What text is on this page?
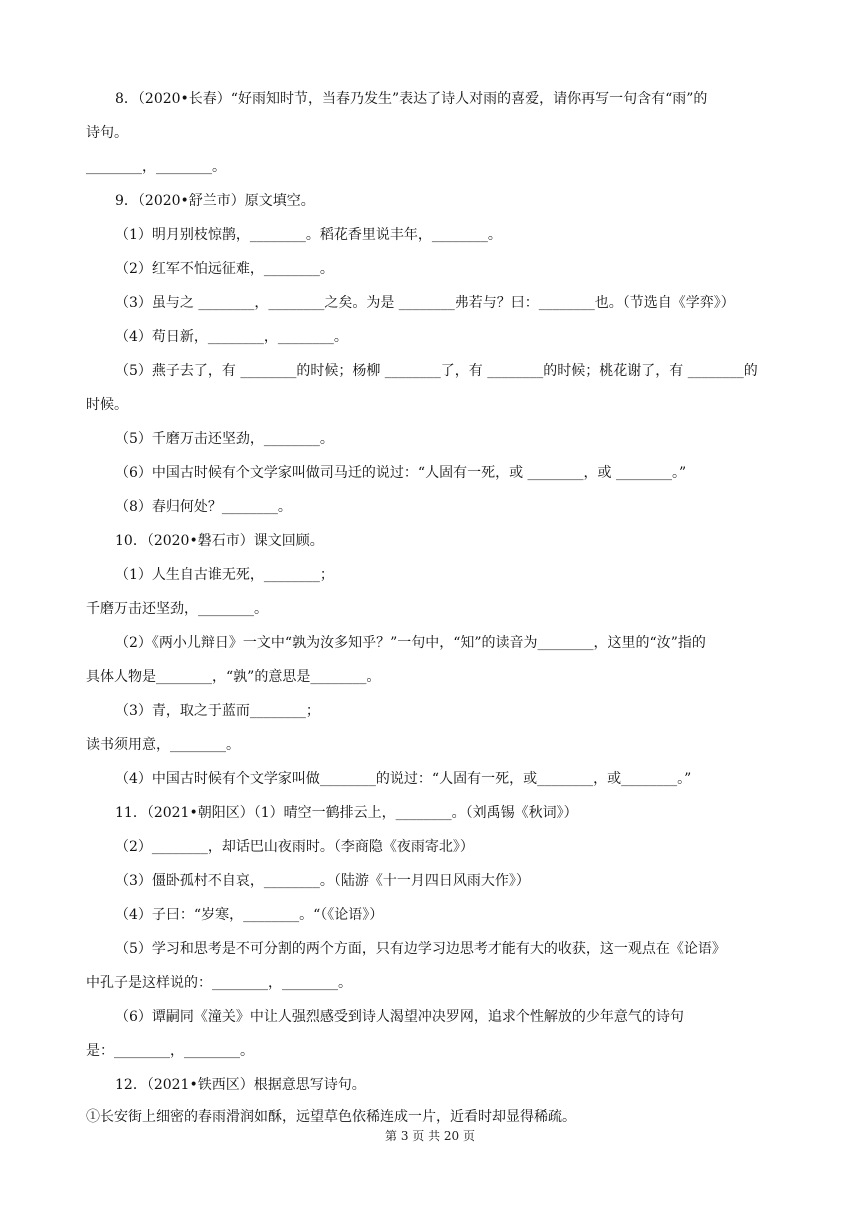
8．（2020•长春）“好雨知时节，当春乃发生”表达了诗人对雨的喜爱，请你再写一句含有“雨”的
诗句。
________，________。
9．（2020•舒兰市）原文填空。
（1）明月别枝惊鹊，________。稻花香里说丰年，________。
（2）红军不怕远征难，________。
（3）虽与之 ________，________之矣。为是 ________弗若与？曰：________也。（节选自《学弈》）
（4）苟日新，________，________。
（5）燕子去了，有 ________的时候；杨柳 ________了，有 ________的时候；桃花谢了，有 ________的
时候。
（5）千磨万击还坚劲，________。
（6）中国古时候有个文学家叫做司马迁的说过：“人固有一死，或 ________，或 ________。”
（8）春归何处？________。
10．（2020•磐石市）课文回顾。
（1）人生自古谁无死，________；
千磨万击还坚劲，________。
（2）《两小儿辩日》一文中“孰为汝多知乎？”一句中，“知”的读音为________，这里的“汝”指的
具体人物是________，“孰”的意思是________。
（3）青，取之于蓝而________；
读书须用意，________。
（4）中国古时候有个文学家叫做________的说过：“人固有一死，或________，或________。”
11．（2021•朝阳区）（1）晴空一鹤排云上，________。（刘禹锡《秋词》）
（2）________，却话巴山夜雨时。（李商隐《夜雨寄北》）
（3）僵卧孤村不自哀，________。（陆游《十一月四日风雨大作》）
（4）子曰：“岁寒，________。“（《论语》）
（5）学习和思考是不可分割的两个方面，只有边学习边思考才能有大的收获，这一观点在《论语》
中孔子是这样说的：________，________。
（6）谭嗣同《潼关》中让人强烈感受到诗人渴望冲决罗网，追求个性解放的少年意气的诗句
是：________，________。
12．（2021•铁西区）根据意思写诗句。
①长安街上细密的春雨滑润如酥，远望草色依稀连成一片，近看时却显得稀疏。
第 3 页 共 20 页
